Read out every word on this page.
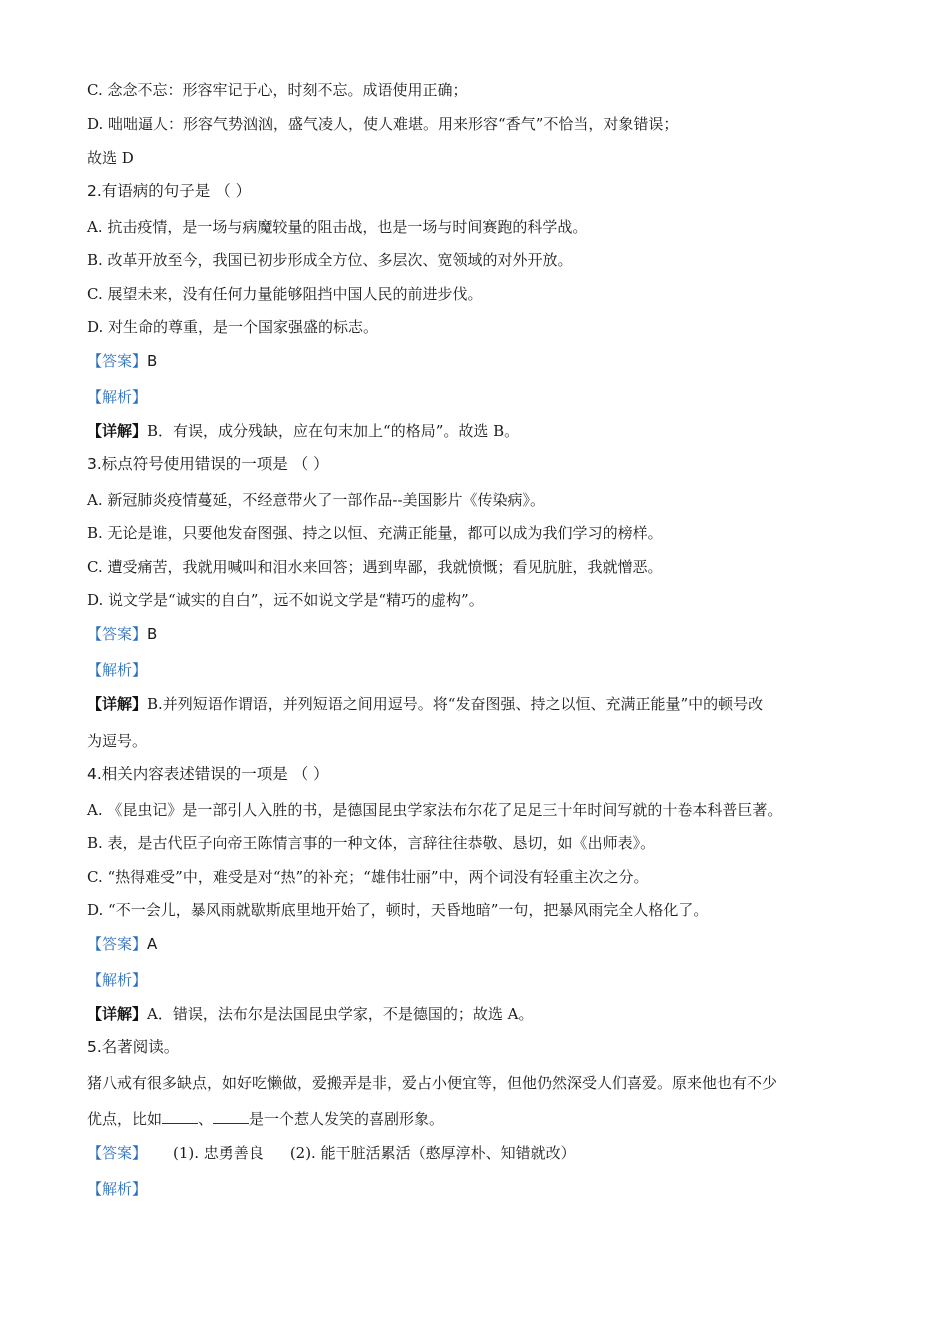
C. 念念不忘：形容牢记于心，时刻不忘。成语使用正确；
D. 咄咄逼人：形容气势汹汹，盛气凌人，使人难堪。用来形容“香气”不恰当，对象错误；
故选 D
2.有语病的句子是 （ ）
A. 抗击疫情，是一场与病魔较量的阻击战，也是一场与时间赛跑的科学战。
B. 改革开放至今，我国已初步形成全方位、多层次、宽领域的对外开放。
C. 展望未来，没有任何力量能够阻挡中国人民的前进步伐。
D. 对生命的尊重，是一个国家强盛的标志。
【答案】B
【解析】
【详解】B．有误，成分残缺，应在句末加上“的格局”。故选 B。
3.标点符号使用错误的一项是 （ ）
A. 新冠肺炎疫情蔓延，不经意带火了一部作品--美国影片《传染病》。
B. 无论是谁，只要他发奋图强、持之以恒、充满正能量，都可以成为我们学习的榜样。
C. 遭受痛苦，我就用喊叫和泪水来回答；遇到卑鄙，我就愤慨；看见肮脏，我就憎恶。
D. 说文学是“诚实的自白”，远不如说文学是“精巧的虚构”。
【答案】B
【解析】
【详解】B.并列短语作谓语，并列短语之间用逗号。将“发奋图强、持之以恒、充满正能量”中的顿号改
为逗号。
4.相关内容表述错误的一项是 （ ）
A. 《昆虫记》是一部引人入胜的书，是德国昆虫学家法布尔花了足足三十年时间写就的十卷本科普巨著。
B. 表，是古代臣子向帝王陈情言事的一种文体，言辞往往恭敬、恳切，如《出师表》。
C. “热得难受”中，难受是对“热”的补充；“雄伟壮丽”中，两个词没有轻重主次之分。
D. “不一会儿，暴风雨就歇斯底里地开始了，顿时，天昏地暗”一句，把暴风雨完全人格化了。
【答案】A
【解析】
【详解】A．错误，法布尔是法国昆虫学家，不是德国的；故选 A。
5.名著阅读。
猪八戒有很多缺点，如好吃懒做，爱搬弄是非，爱占小便宜等，但他仍然深受人们喜爱。原来他也有不少
优点，比如 、 是一个惹人发笑的喜剧形象。
【答案】 (1). 忠勇善良 (2). 能干脏活累活（憨厚淳朴、知错就改）
【解析】
